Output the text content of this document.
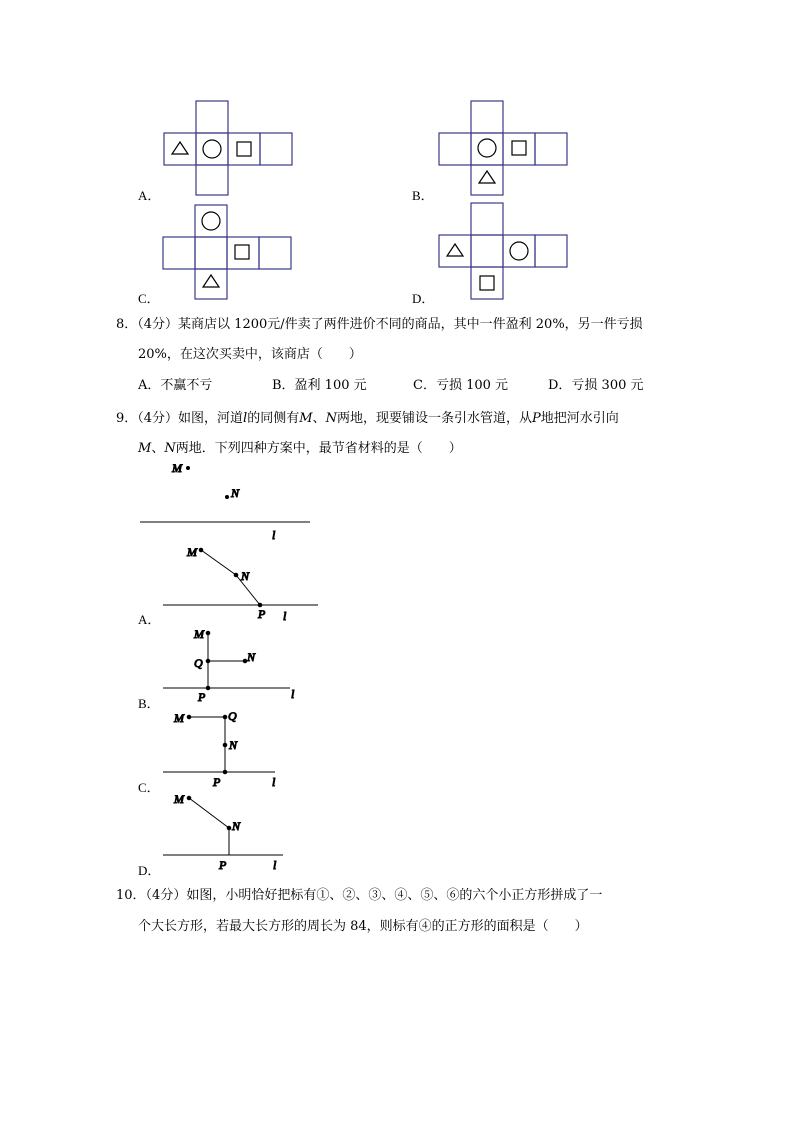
A．	B．
C．	D．
8．（4分）某商店以 1200元/件卖了两件进价不同的商品，其中一件盈利 20%，另一件亏损
20%，在这次买卖中，该商店（　　）
A．不赢不亏	B．盈利 100 元	C．亏损 100 元	D．亏损 300 元
9．（4分）如图，河道l的同侧有M、N两地，现要铺设一条引水管道，从P地把河水引向
M、N两地．下列四种方案中，最节省材料的是（　　）
M
N
l
M
N
P l
M
Q	N
P	l
M	Q
N
P	l
M
N
P	l
A．
B．
C．
D．
10．（4分）如图，小明恰好把标有①、②、③、④、⑤、⑥的六个小正方形拼成了一
个大长方形，若最大长方形的周长为 84，则标有④的正方形的面积是（　　）
